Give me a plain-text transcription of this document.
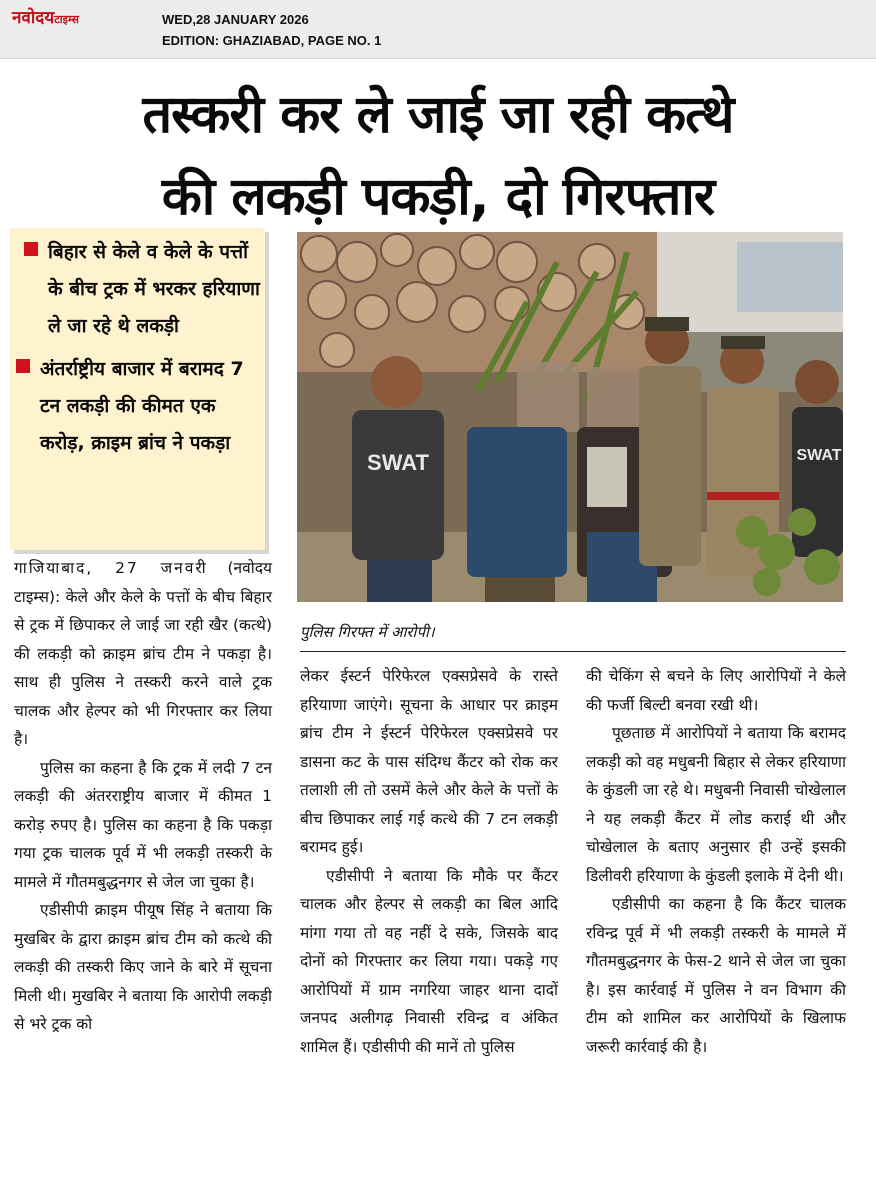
नवोदयटाइम्स	WED,28 JANUARY 2026
EDITION: GHAZIABAD, PAGE NO. 1
तस्करी कर ले जाई जा रही कत्थे
की लकड़ी पकड़ी, दो गिरफ्तार
बिहार से केले व केले के पत्तों के बीच ट्रक में भरकर हरियाणा ले जा रहे थे लकड़ी
अंतर्राष्ट्रीय बाजार में बरामद 7 टन लकड़ी की कीमत एक करोड़, क्राइम ब्रांच ने पकड़ा
SWAT	SWAT
पुलिस गिरफ्त में आरोपी।

गाजियाबाद, 27 जनवरी (नवोदय टाइम्स): केले और केले के पत्तों के बीच बिहार से ट्रक में छिपाकर ले जाई जा रही खैर (कत्थे) की लकड़ी को क्राइम ब्रांच टीम ने पकड़ा है। साथ ही पुलिस ने तस्करी करने वाले ट्रक चालक और हेल्पर को भी गिरफ्तार कर लिया है।

पुलिस का कहना है कि ट्रक में लदी 7 टन लकड़ी की अंतरराष्ट्रीय बाजार में कीमत 1 करोड़ रुपए है। पुलिस का कहना है कि पकड़ा गया ट्रक चालक पूर्व में भी लकड़ी तस्करी के मामले में गौतमबुद्धनगर से जेल जा चुका है।

एडीसीपी क्राइम पीयूष सिंह ने बताया कि मुखबिर के द्वारा क्राइम ब्रांच टीम को कत्थे की लकड़ी की तस्करी किए जाने के बारे में सूचना मिली थी। मुखबिर ने बताया कि आरोपी लकड़ी से भरे ट्रक को

लेकर ईस्टर्न पेरिफेरल एक्सप्रेसवे के रास्ते हरियाणा जाएंगे। सूचना के आधार पर क्राइम ब्रांच टीम ने ईस्टर्न पेरिफेरल एक्सप्रेसवे पर डासना कट के पास संदिग्ध कैंटर को रोक कर तलाशी ली तो उसमें केले और केले के पत्तों के बीच छिपाकर लाई गई कत्थे की 7 टन लकड़ी बरामद हुई।

एडीसीपी ने बताया कि मौके पर कैंटर चालक और हेल्पर से लकड़ी का बिल आदि मांगा गया तो वह नहीं दे सके, जिसके बाद दोनों को गिरफ्तार कर लिया गया। पकड़े गए आरोपियों में ग्राम नगरिया जाहर थाना दादों जनपद अलीगढ़ निवासी रविन्द्र व अंकित शामिल हैं। एडीसीपी की मानें तो पुलिस

की चेकिंग से बचने के लिए आरोपियों ने केले की फर्जी बिल्टी बनवा रखी थी।

पूछताछ में आरोपियों ने बताया कि बरामद लकड़ी को वह मधुबनी बिहार से लेकर हरियाणा के कुंडली जा रहे थे। मधुबनी निवासी चोखेलाल ने यह लकड़ी कैंटर में लोड कराई थी और चोखेलाल के बताए अनुसार ही उन्हें इसकी डिलीवरी हरियाणा के कुंडली इलाके में देनी थी।

एडीसीपी का कहना है कि कैंटर चालक रविन्द्र पूर्व में भी लकड़ी तस्करी के मामले में गौतमबुद्धनगर के फेस-2 थाने से जेल जा चुका है। इस कार्रवाई में पुलिस ने वन विभाग की टीम को शामिल कर आरोपियों के खिलाफ जरूरी कार्रवाई की है।
